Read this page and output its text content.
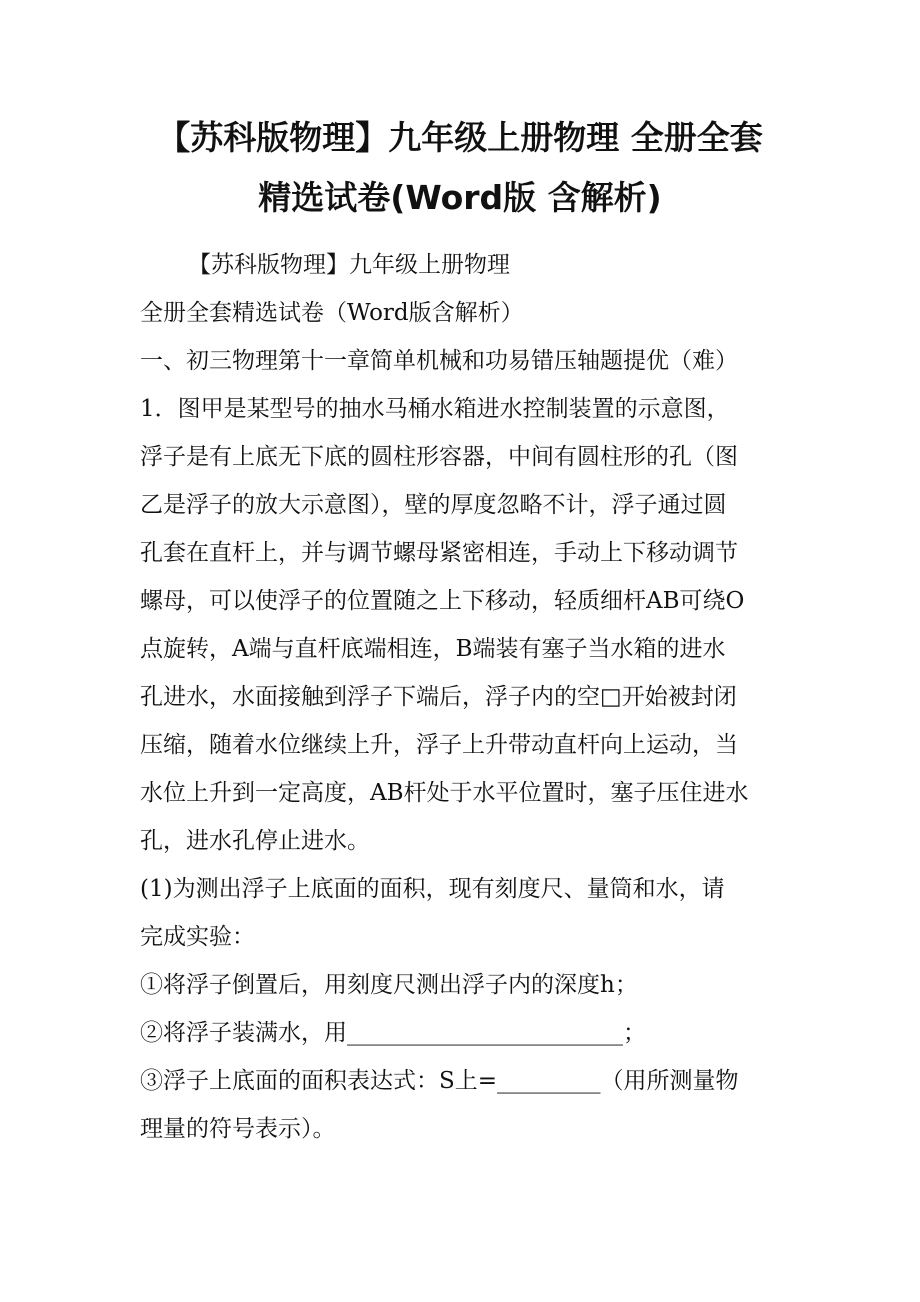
【苏科版物理】九年级上册物理 全册全套
精选试卷(Word版 含解析)
【苏科版物理】九年级上册物理
全册全套精选试卷（Word版含解析）
一、初三物理第十一章简单机械和功易错压轴题提优（难）
1．图甲是某型号的抽水马桶水箱进水控制装置的示意图，
浮子是有上底无下底的圆柱形容器，中间有圆柱形的孔（图
乙是浮子的放大示意图），壁的厚度忽略不计，浮子通过圆
孔套在直杆上，并与调节螺母紧密相连，手动上下移动调节
螺母，可以使浮子的位置随之上下移动，轻质细杆AB可绕O
点旋转，A端与直杆底端相连，B端装有塞子当水箱的进水
孔进水，水面接触到浮子下端后，浮子内的空□开始被封闭
压缩，随着水位继续上升，浮子上升带动直杆向上运动，当
水位上升到一定高度，AB杆处于水平位置时，塞子压住进水
孔，进水孔停止进水。
(1)为测出浮子上底面的面积，现有刻度尺、量筒和水，请
完成实验：
①将浮子倒置后，用刻度尺测出浮子内的深度h；
②将浮子装满水，用________________________；
③浮子上底面的面积表达式：S上=_________（用所测量物
理量的符号表示）。
